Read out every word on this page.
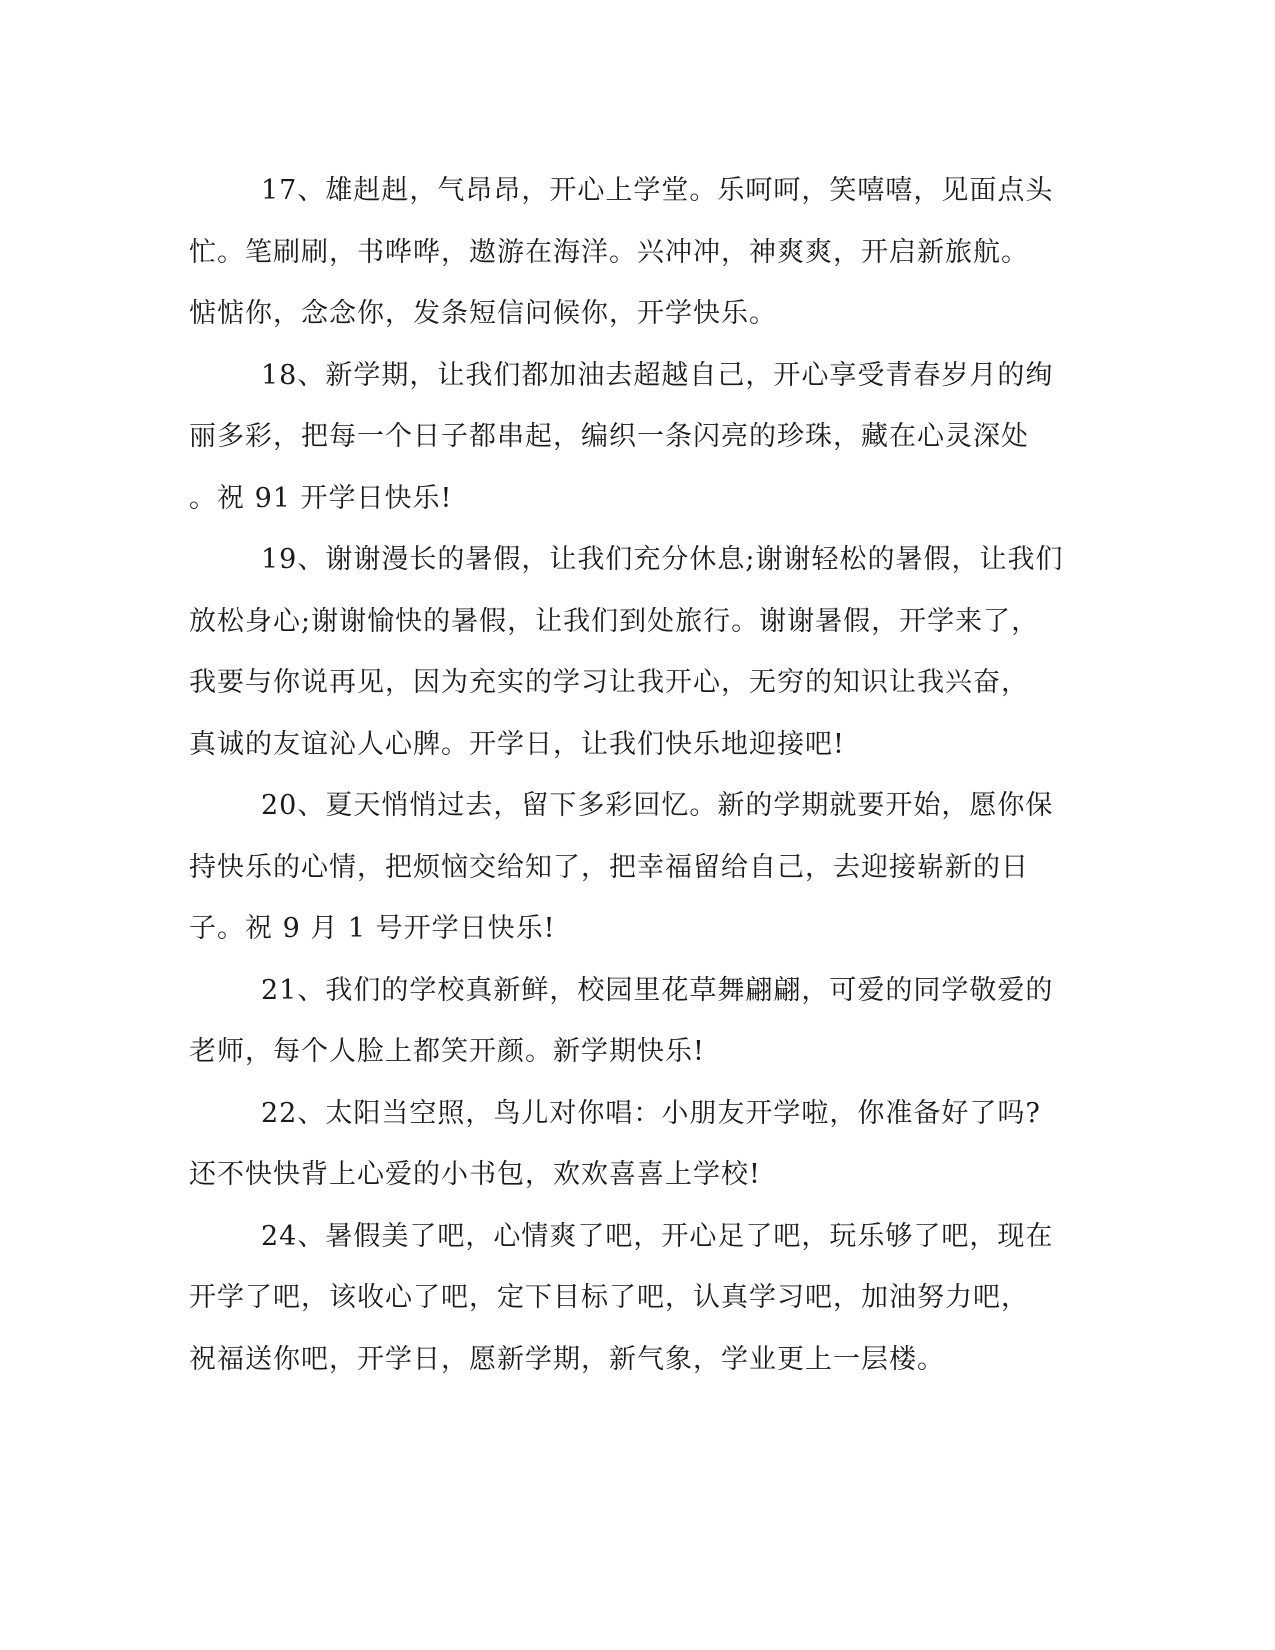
17、雄赳赳，气昂昂，开心上学堂。乐呵呵，笑嘻嘻，见面点头
忙。笔刷刷，书哗哗，遨游在海洋。兴冲冲，神爽爽，开启新旅航。
惦惦你，念念你，发条短信问候你，开学快乐。

18、新学期，让我们都加油去超越自己，开心享受青春岁月的绚
丽多彩，把每一个日子都串起，编织一条闪亮的珍珠，藏在心灵深处
。祝 91 开学日快乐!

19、谢谢漫长的暑假，让我们充分休息;谢谢轻松的暑假，让我们
放松身心;谢谢愉快的暑假，让我们到处旅行。谢谢暑假，开学来了，
我要与你说再见，因为充实的学习让我开心，无穷的知识让我兴奋，
真诚的友谊沁人心脾。开学日，让我们快乐地迎接吧!

20、夏天悄悄过去，留下多彩回忆。新的学期就要开始，愿你保
持快乐的心情，把烦恼交给知了，把幸福留给自己，去迎接崭新的日
子。祝 9 月 1 号开学日快乐!

21、我们的学校真新鲜，校园里花草舞翩翩，可爱的同学敬爱的
老师，每个人脸上都笑开颜。新学期快乐!

22、太阳当空照，鸟儿对你唱：小朋友开学啦，你准备好了吗?
还不快快背上心爱的小书包，欢欢喜喜上学校!

24、暑假美了吧，心情爽了吧，开心足了吧，玩乐够了吧，现在
开学了吧，该收心了吧，定下目标了吧，认真学习吧，加油努力吧，
祝福送你吧，开学日，愿新学期，新气象，学业更上一层楼。
